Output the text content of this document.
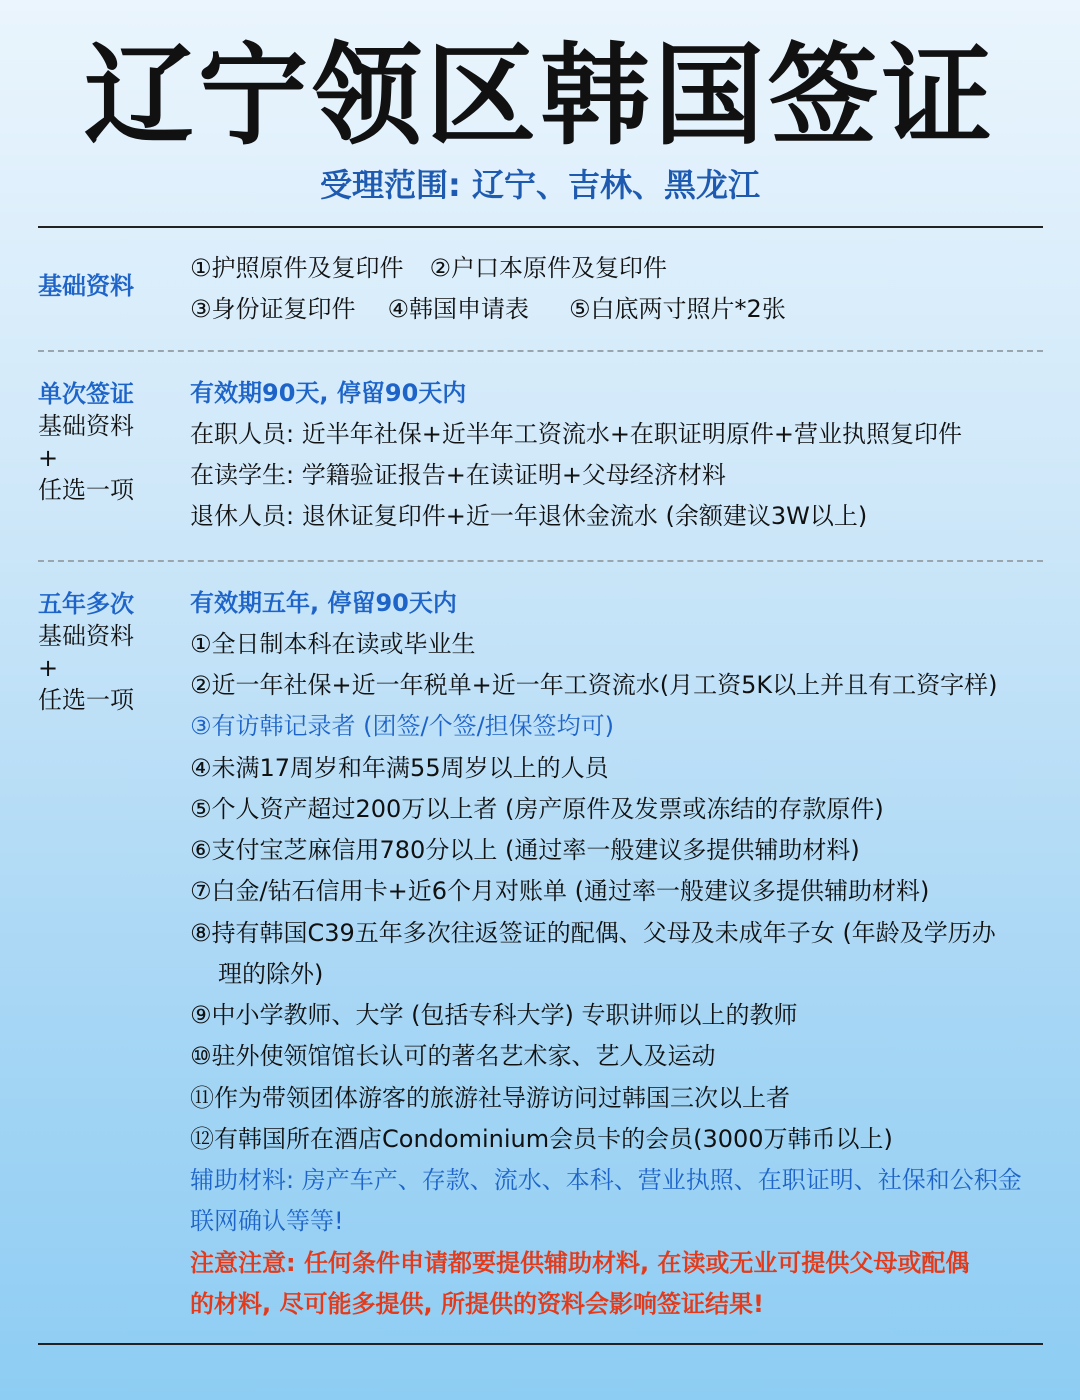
辽宁领区韩国签证
受理范围: 辽宁、吉林、黑龙江
基础资料
①护照原件及复印件 ②户口本原件及复印件
③身份证复印件 ④韩国申请表 ⑤白底两寸照片*2张
单次签证
基础资料
+
任选一项
有效期90天, 停留90天内
在职人员: 近半年社保+近半年工资流水+在职证明原件+营业执照复印件
在读学生: 学籍验证报告+在读证明+父母经济材料
退休人员: 退休证复印件+近一年退休金流水 (余额建议3W以上)
五年多次
基础资料
+
任选一项
有效期五年, 停留90天内
①全日制本科在读或毕业生
②近一年社保+近一年税单+近一年工资流水(月工资5K以上并且有工资字样)
③有访韩记录者 (团签/个签/担保签均可)
④未满17周岁和年满55周岁以上的人员
⑤个人资产超过200万以上者 (房产原件及发票或冻结的存款原件)
⑥支付宝芝麻信用780分以上 (通过率一般建议多提供辅助材料)
⑦白金/钻石信用卡+近6个月对账单 (通过率一般建议多提供辅助材料)
⑧持有韩国C39五年多次往返签证的配偶、父母及未成年子女 (年龄及学历办
理的除外)
⑨中小学教师、大学 (包括专科大学) 专职讲师以上的教师
⑩驻外使领馆馆长认可的著名艺术家、艺人及运动
⑪作为带领团体游客的旅游社导游访问过韩国三次以上者
⑫有韩国所在酒店Condominium会员卡的会员(3000万韩币以上)
辅助材料: 房产车产、存款、流水、本科、营业执照、在职证明、社保和公积金
联网确认等等!
注意注意: 任何条件申请都要提供辅助材料, 在读或无业可提供父母或配偶
的材料, 尽可能多提供, 所提供的资料会影响签证结果!
